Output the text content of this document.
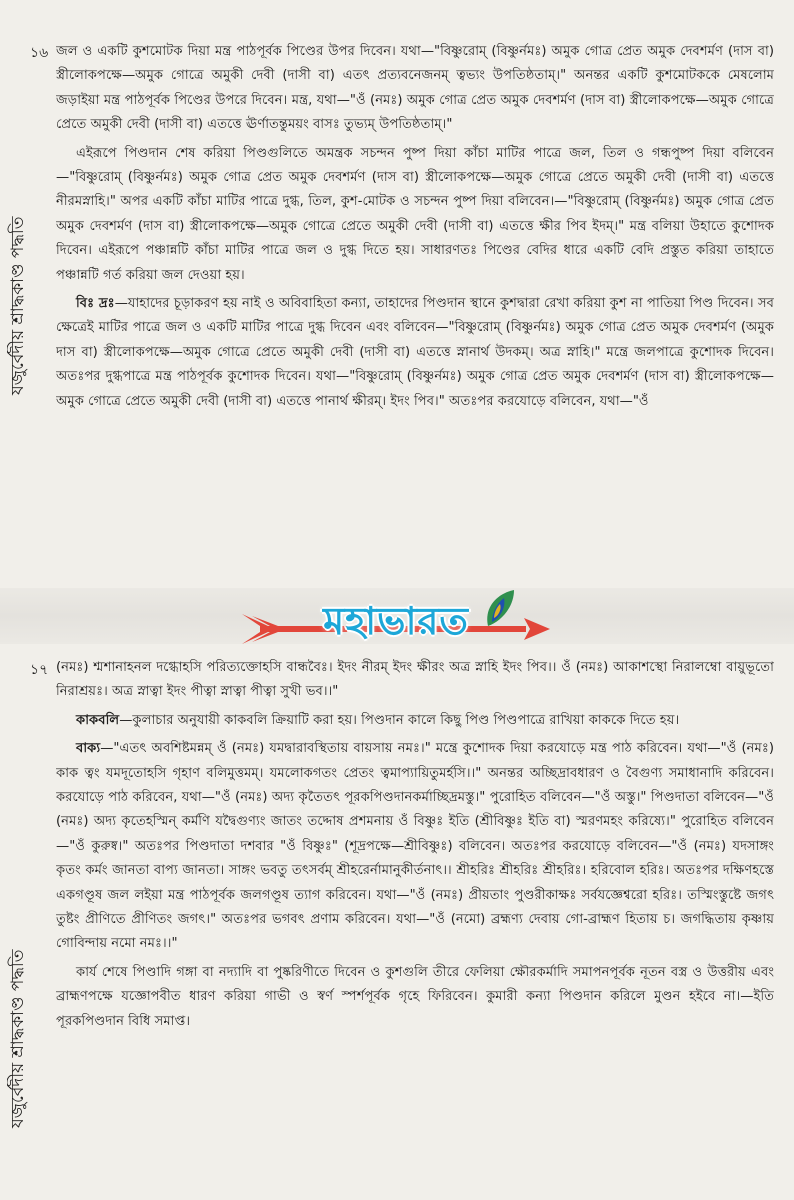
১৬
যজুর্বেদীয় শ্রাদ্ধকাণ্ড পদ্ধতি

জল ও একটি কুশমোটক দিয়া মন্ত্র পাঠপূর্বক পিণ্ডের উপর দিবেন। যথা—"বিষ্ণুরোম্ (বিষ্ণুর্নমঃ) অমুক গোত্র প্রেত অমুক দেবশর্মণ (দাস বা) স্ত্রীলোকপক্ষে—অমুক গোত্রে অমুকী দেবী (দাসী বা) এতৎ প্রত্যবনেজনম্ ত্বভ্যং উপতিষ্ঠতাম্।" অনন্তর একটি কুশমোটককে মেষলোম জড়াইয়া মন্ত্র পাঠপূর্বক পিণ্ডের উপরে দিবেন। মন্ত্র, যথা—"ওঁ (নমঃ) অমুক গোত্র প্রেত অমুক দেবশর্মণ (দাস বা) স্ত্রীলোকপক্ষে—অমুক গোত্রে প্রেতে অমুকী দেবী (দাসী বা) এতত্তে ঊর্ণাতন্তুময়ং বাসঃ তুভ্যম্ উপতিষ্ঠতাম্।"

এইরূপে পিণ্ডদান শেষ করিয়া পিণ্ডগুলিতে অমন্ত্রক সচন্দন পুষ্প দিয়া কাঁচা মাটির পাত্রে জল, তিল ও গন্ধপুষ্প দিয়া বলিবেন—"বিষ্ণুরোম্ (বিষ্ণুর্নমঃ) অমুক গোত্র প্রেত অমুক দেবশর্মণ (দাস বা) স্ত্রীলোকপক্ষে—অমুক গোত্রে প্রেতে অমুকী দেবী (দাসী বা) এতত্তে নীরমস্নাহি।" অপর একটি কাঁচা মাটির পাত্রে দুগ্ধ, তিল, কুশ-মোটক ও সচন্দন পুষ্প দিয়া বলিবেন।—"বিষ্ণুরোম্ (বিষ্ণুর্নমঃ) অমুক গোত্র প্রেত অমুক দেবশর্মণ (দাস বা) স্ত্রীলোকপক্ষে—অমুক গোত্রে প্রেতে অমুকী দেবী (দাসী বা) এতত্তে ক্ষীর পিব ইদম্।" মন্ত্র বলিয়া উহাতে কুশোদক দিবেন। এইরূপে পঞ্চান্নটি কাঁচা মাটির পাত্রে জল ও দুগ্ধ দিতে হয়। সাধারণতঃ পিণ্ডের বেদির ধারে একটি বেদি প্রস্তুত করিয়া তাহাতে পঞ্চান্নটি গর্ত করিয়া জল দেওয়া হয়।

বিঃ দ্রঃ—যাহাদের চূড়াকরণ হয় নাই ও অবিবাহিতা কন্যা, তাহাদের পিণ্ডদান স্থানে কুশদ্বারা রেখা করিয়া কুশ না পাতিয়া পিণ্ড দিবেন। সব ক্ষেত্রেই মাটির পাত্রে জল ও একটি মাটির পাত্রে দুগ্ধ দিবেন এবং বলিবেন—"বিষ্ণুরোম্ (বিষ্ণুর্নমঃ) অমুক গোত্র প্রেত অমুক দেবশর্মণ (অমুক দাস বা) স্ত্রীলোকপক্ষে—অমুক গোত্রে প্রেতে অমুকী দেবী (দাসী বা) এতত্তে স্নানার্থ উদকম্। অত্র স্নাহি।" মন্ত্রে জলপাত্রে কুশোদক দিবেন। অতঃপর দুগ্ধপাত্রে মন্ত্র পাঠপূর্বক কুশোদক দিবেন। যথা—"বিষ্ণুরোম্ (বিষ্ণুর্নমঃ) অমুক গোত্র প্রেত অমুক দেবশর্মণ (দাস বা) স্ত্রীলোকপক্ষে—অমুক গোত্রে প্রেতে অমুকী দেবী (দাসী বা) এতত্তে পানার্থ ক্ষীরম্। ইদং পিব।" অতঃপর করযোড়ে বলিবেন, যথা—"ওঁ

মহাভারত
১৭
যজুর্বেদীয় শ্রাদ্ধকাণ্ড পদ্ধতি

(নমঃ) শ্মশানাহনল দগ্ধোহসি পরিত্যক্তোহসি বান্ধবৈঃ। ইদং নীরম্ ইদং ক্ষীরং অত্র স্নাহি ইদং পিব।। ওঁ (নমঃ) আকাশস্থো নিরালম্বো বায়ুভূতো নিরাশ্রয়ঃ। অত্র স্নাত্বা ইদং পীত্বা স্নাত্বা পীত্বা সুখী ভব।।"

কাকবলি—কুলাচার অনুযায়ী কাকবলি ক্রিয়াটি করা হয়। পিণ্ডদান কালে কিছু পিণ্ড পিণ্ডপাত্রে রাখিয়া কাককে দিতে হয়।

বাক্য—"এতৎ অবশিষ্টমন্নম্ ওঁ (নমঃ) যমদ্বারাবস্থিতায় বায়সায় নমঃ।" মন্ত্রে কুশোদক দিয়া করযোড়ে মন্ত্র পাঠ করিবেন। যথা—"ওঁ (নমঃ) কাক ত্বং যমদূতোহসি গৃহাণ বলিমুত্তমম্। যমলোকগতং প্রেতং ত্বমাপ্যায়িতুমর্হসি।।" অনন্তর অচ্ছিদ্রাবধারণ ও বৈগুণ্য সমাধানাদি করিবেন। করযোড়ে পাঠ করিবেন, যথা—"ওঁ (নমঃ) অদ্য কৃতৈতৎ পূরকপিণ্ডদানকর্মাচ্ছিদ্রমস্তু।" পুরোহিত বলিবেন—"ওঁ অস্তু।" পিণ্ডদাতা বলিবেন—"ওঁ (নমঃ) অদ্য কৃতেহস্মিন্ কর্মণি যদ্বৈগুণ্যং জাতং তদ্দোষ প্রশমনায় ওঁ বিষ্ণুঃ ইতি (শ্রীবিষ্ণুঃ ইতি বা) স্মরণমহং করিষ্যে।" পুরোহিত বলিবেন—"ওঁ কুরুষ্ব।" অতঃপর পিণ্ডদাতা দশবার "ওঁ বিষ্ণুঃ" (শূদ্রপক্ষে—শ্রীবিষ্ণুঃ) বলিবেন। অতঃপর করযোড়ে বলিবেন—"ওঁ (নমঃ) যদসাঙ্গং কৃতং কর্মং জানতা বাপ্য জানতা। সাঙ্গং ভবতু তৎসর্বম্ শ্রীহরের্নামানুকীর্তনাৎ।। শ্রীহরিঃ শ্রীহরিঃ শ্রীহরিঃ। হরিবোল হরিঃ। অতঃপর দক্ষিণহস্তে একগণ্ডূষ জল লইয়া মন্ত্র পাঠপূর্বক জলগণ্ডূষ ত্যাগ করিবেন। যথা—"ওঁ (নমঃ) প্রীয়তাং পুণ্ডরীকাক্ষঃ সর্বযজ্ঞেশ্বরো হরিঃ। তস্মিংস্তুষ্টে জগৎ তুষ্টং প্রীণিতে প্রীণিতং জগৎ।" অতঃপর ভগবৎ প্রণাম করিবেন। যথা—"ওঁ (নমো) ব্রহ্মণ্য দেবায় গো-ব্রাহ্মণ হিতায় চ। জগদ্ধিতায় কৃষ্ণায় গোবিন্দায় নমো নমঃ।।"

কার্য শেষে পিণ্ডাদি গঙ্গা বা নদ্যাদি বা পুষ্করিণীতে দিবেন ও কুশগুলি তীরে ফেলিয়া ক্ষৌরকর্মাদি সমাপনপূর্বক নূতন বস্ত্র ও উত্তরীয় এবং ব্রাহ্মণপক্ষে যজ্ঞোপবীত ধারণ করিয়া গাভী ও স্বর্ণ স্পর্শপূর্বক গৃহে ফিরিবেন। কুমারী কন্যা পিণ্ডদান করিলে মুণ্ডন হইবে না।—ইতি পূরকপিণ্ডদান বিধি সমাপ্ত।
